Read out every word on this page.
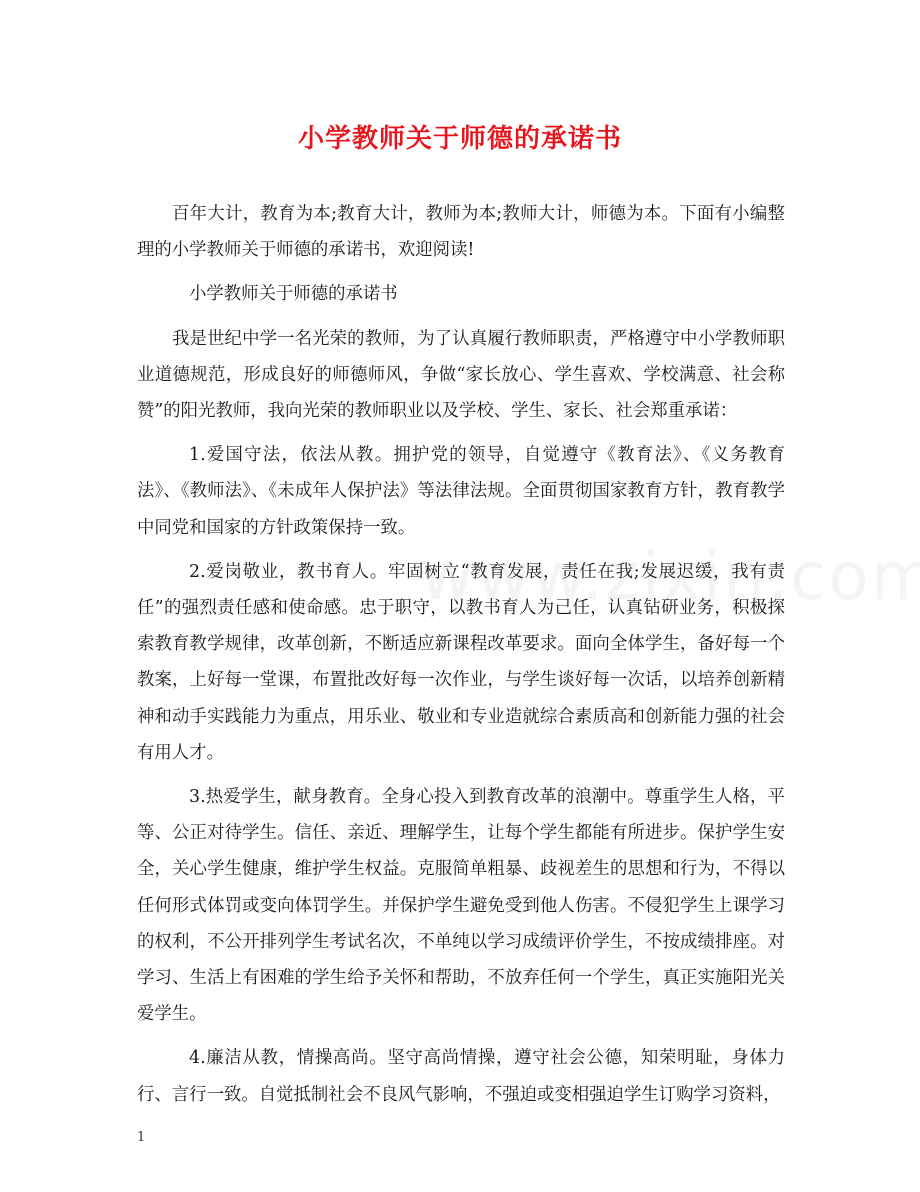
小学教师关于师德的承诺书

百年大计，教育为本;教育大计，教师为本;教师大计，师德为本。下面有小编整理的小学教师关于师德的承诺书，欢迎阅读!

小学教师关于师德的承诺书

我是世纪中学一名光荣的教师，为了认真履行教师职责，严格遵守中小学教师职业道德规范，形成良好的师德师风，争做“家长放心、学生喜欢、学校满意、社会称赞”的阳光教师，我向光荣的教师职业以及学校、学生、家长、社会郑重承诺：

1.爱国守法，依法从教。拥护党的领导，自觉遵守《教育法》、《义务教育法》、《教师法》、《未成年人保护法》等法律法规。全面贯彻国家教育方针，教育教学中同党和国家的方针政策保持一致。

2.爱岗敬业，教书育人。牢固树立“教育发展，责任在我;发展迟缓，我有责任”的强烈责任感和使命感。忠于职守，以教书育人为己任，认真钻研业务，积极探索教育教学规律，改革创新，不断适应新课程改革要求。面向全体学生，备好每一个教案，上好每一堂课，布置批改好每一次作业，与学生谈好每一次话，以培养创新精神和动手实践能力为重点，用乐业、敬业和专业造就综合素质高和创新能力强的社会有用人才。

3.热爱学生，献身教育。全身心投入到教育改革的浪潮中。尊重学生人格，平等、公正对待学生。信任、亲近、理解学生，让每个学生都能有所进步。保护学生安全，关心学生健康，维护学生权益。克服简单粗暴、歧视差生的思想和行为，不得以任何形式体罚或变向体罚学生。并保护学生避免受到他人伤害。不侵犯学生上课学习的权利，不公开排列学生考试名次，不单纯以学习成绩评价学生，不按成绩排座。对学习、生活上有困难的学生给予关怀和帮助，不放弃任何一个学生，真正实施阳光关爱学生。

4.廉洁从教，情操高尚。坚守高尚情操，遵守社会公德，知荣明耻，身体力行、言行一致。自觉抵制社会不良风气影响，不强迫或变相强迫学生订购学习资料，

1
